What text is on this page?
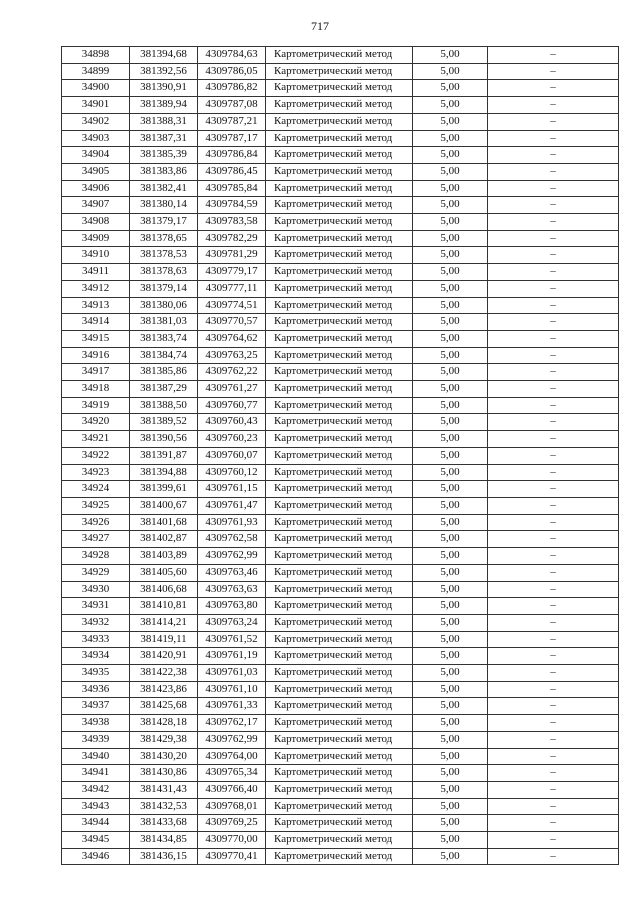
717
34898	381394,68	4309784,63	Картометрический метод	5,00	–
34899	381392,56	4309786,05	Картометрический метод	5,00	–
34900	381390,91	4309786,82	Картометрический метод	5,00	–
34901	381389,94	4309787,08	Картометрический метод	5,00	–
34902	381388,31	4309787,21	Картометрический метод	5,00	–
34903	381387,31	4309787,17	Картометрический метод	5,00	–
34904	381385,39	4309786,84	Картометрический метод	5,00	–
34905	381383,86	4309786,45	Картометрический метод	5,00	–
34906	381382,41	4309785,84	Картометрический метод	5,00	–
34907	381380,14	4309784,59	Картометрический метод	5,00	–
34908	381379,17	4309783,58	Картометрический метод	5,00	–
34909	381378,65	4309782,29	Картометрический метод	5,00	–
34910	381378,53	4309781,29	Картометрический метод	5,00	–
34911	381378,63	4309779,17	Картометрический метод	5,00	–
34912	381379,14	4309777,11	Картометрический метод	5,00	–
34913	381380,06	4309774,51	Картометрический метод	5,00	–
34914	381381,03	4309770,57	Картометрический метод	5,00	–
34915	381383,74	4309764,62	Картометрический метод	5,00	–
34916	381384,74	4309763,25	Картометрический метод	5,00	–
34917	381385,86	4309762,22	Картометрический метод	5,00	–
34918	381387,29	4309761,27	Картометрический метод	5,00	–
34919	381388,50	4309760,77	Картометрический метод	5,00	–
34920	381389,52	4309760,43	Картометрический метод	5,00	–
34921	381390,56	4309760,23	Картометрический метод	5,00	–
34922	381391,87	4309760,07	Картометрический метод	5,00	–
34923	381394,88	4309760,12	Картометрический метод	5,00	–
34924	381399,61	4309761,15	Картометрический метод	5,00	–
34925	381400,67	4309761,47	Картометрический метод	5,00	–
34926	381401,68	4309761,93	Картометрический метод	5,00	–
34927	381402,87	4309762,58	Картометрический метод	5,00	–
34928	381403,89	4309762,99	Картометрический метод	5,00	–
34929	381405,60	4309763,46	Картометрический метод	5,00	–
34930	381406,68	4309763,63	Картометрический метод	5,00	–
34931	381410,81	4309763,80	Картометрический метод	5,00	–
34932	381414,21	4309763,24	Картометрический метод	5,00	–
34933	381419,11	4309761,52	Картометрический метод	5,00	–
34934	381420,91	4309761,19	Картометрический метод	5,00	–
34935	381422,38	4309761,03	Картометрический метод	5,00	–
34936	381423,86	4309761,10	Картометрический метод	5,00	–
34937	381425,68	4309761,33	Картометрический метод	5,00	–
34938	381428,18	4309762,17	Картометрический метод	5,00	–
34939	381429,38	4309762,99	Картометрический метод	5,00	–
34940	381430,20	4309764,00	Картометрический метод	5,00	–
34941	381430,86	4309765,34	Картометрический метод	5,00	–
34942	381431,43	4309766,40	Картометрический метод	5,00	–
34943	381432,53	4309768,01	Картометрический метод	5,00	–
34944	381433,68	4309769,25	Картометрический метод	5,00	–
34945	381434,85	4309770,00	Картометрический метод	5,00	–
34946	381436,15	4309770,41	Картометрический метод	5,00	–
